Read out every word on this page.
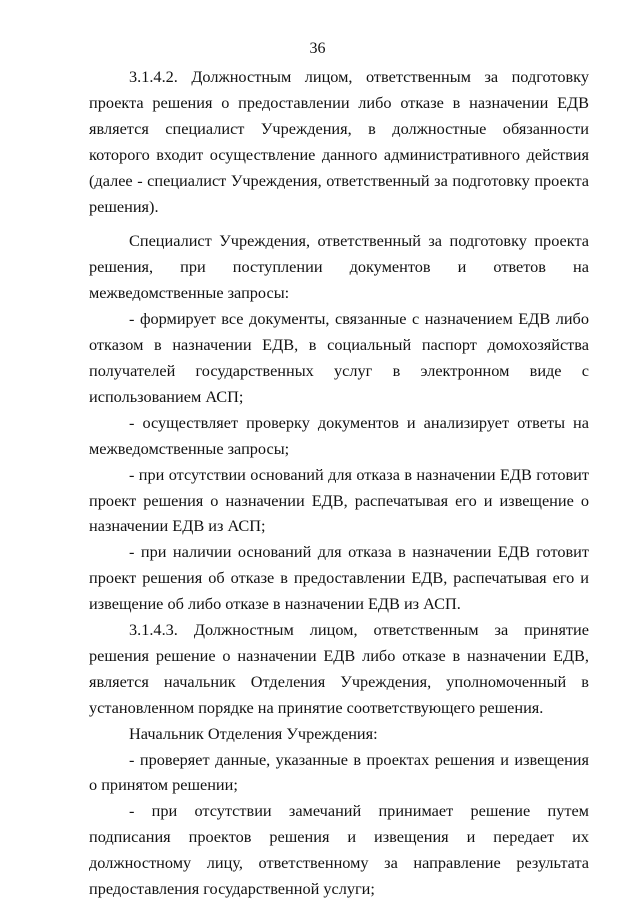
36

3.1.4.2. Должностным лицом, ответственным за подготовку проекта решения о предоставлении либо отказе в назначении ЕДВ является специалист Учреждения, в должностные обязанности которого входит осуществление данного административного действия (далее - специалист Учреждения, ответственный за подготовку проекта решения).

Специалист Учреждения, ответственный за подготовку проекта решения, при поступлении документов и ответов на межведомственные запросы:

- формирует все документы, связанные с назначением ЕДВ либо отказом в назначении ЕДВ, в социальный паспорт домохозяйства получателей государственных услуг в электронном виде с использованием АСП;

- осуществляет проверку документов и анализирует ответы на межведомственные запросы;

- при отсутствии оснований для отказа в назначении ЕДВ готовит проект решения о назначении ЕДВ, распечатывая его и извещение о назначении ЕДВ из АСП;

- при наличии оснований для отказа в назначении ЕДВ готовит проект решения об отказе в предоставлении ЕДВ, распечатывая его и извещение об либо отказе в назначении ЕДВ из АСП.

3.1.4.3. Должностным лицом, ответственным за принятие решения решение о назначении ЕДВ либо отказе в назначении ЕДВ, является начальник Отделения Учреждения, уполномоченный в установленном порядке на принятие соответствующего решения.

Начальник Отделения Учреждения:

- проверяет данные, указанные в проектах решения и извещения о принятом решении;

- при отсутствии замечаний принимает решение путем подписания проектов решения и извещения и передает их должностному лицу, ответственному за направление результата предоставления государственной услуги;
